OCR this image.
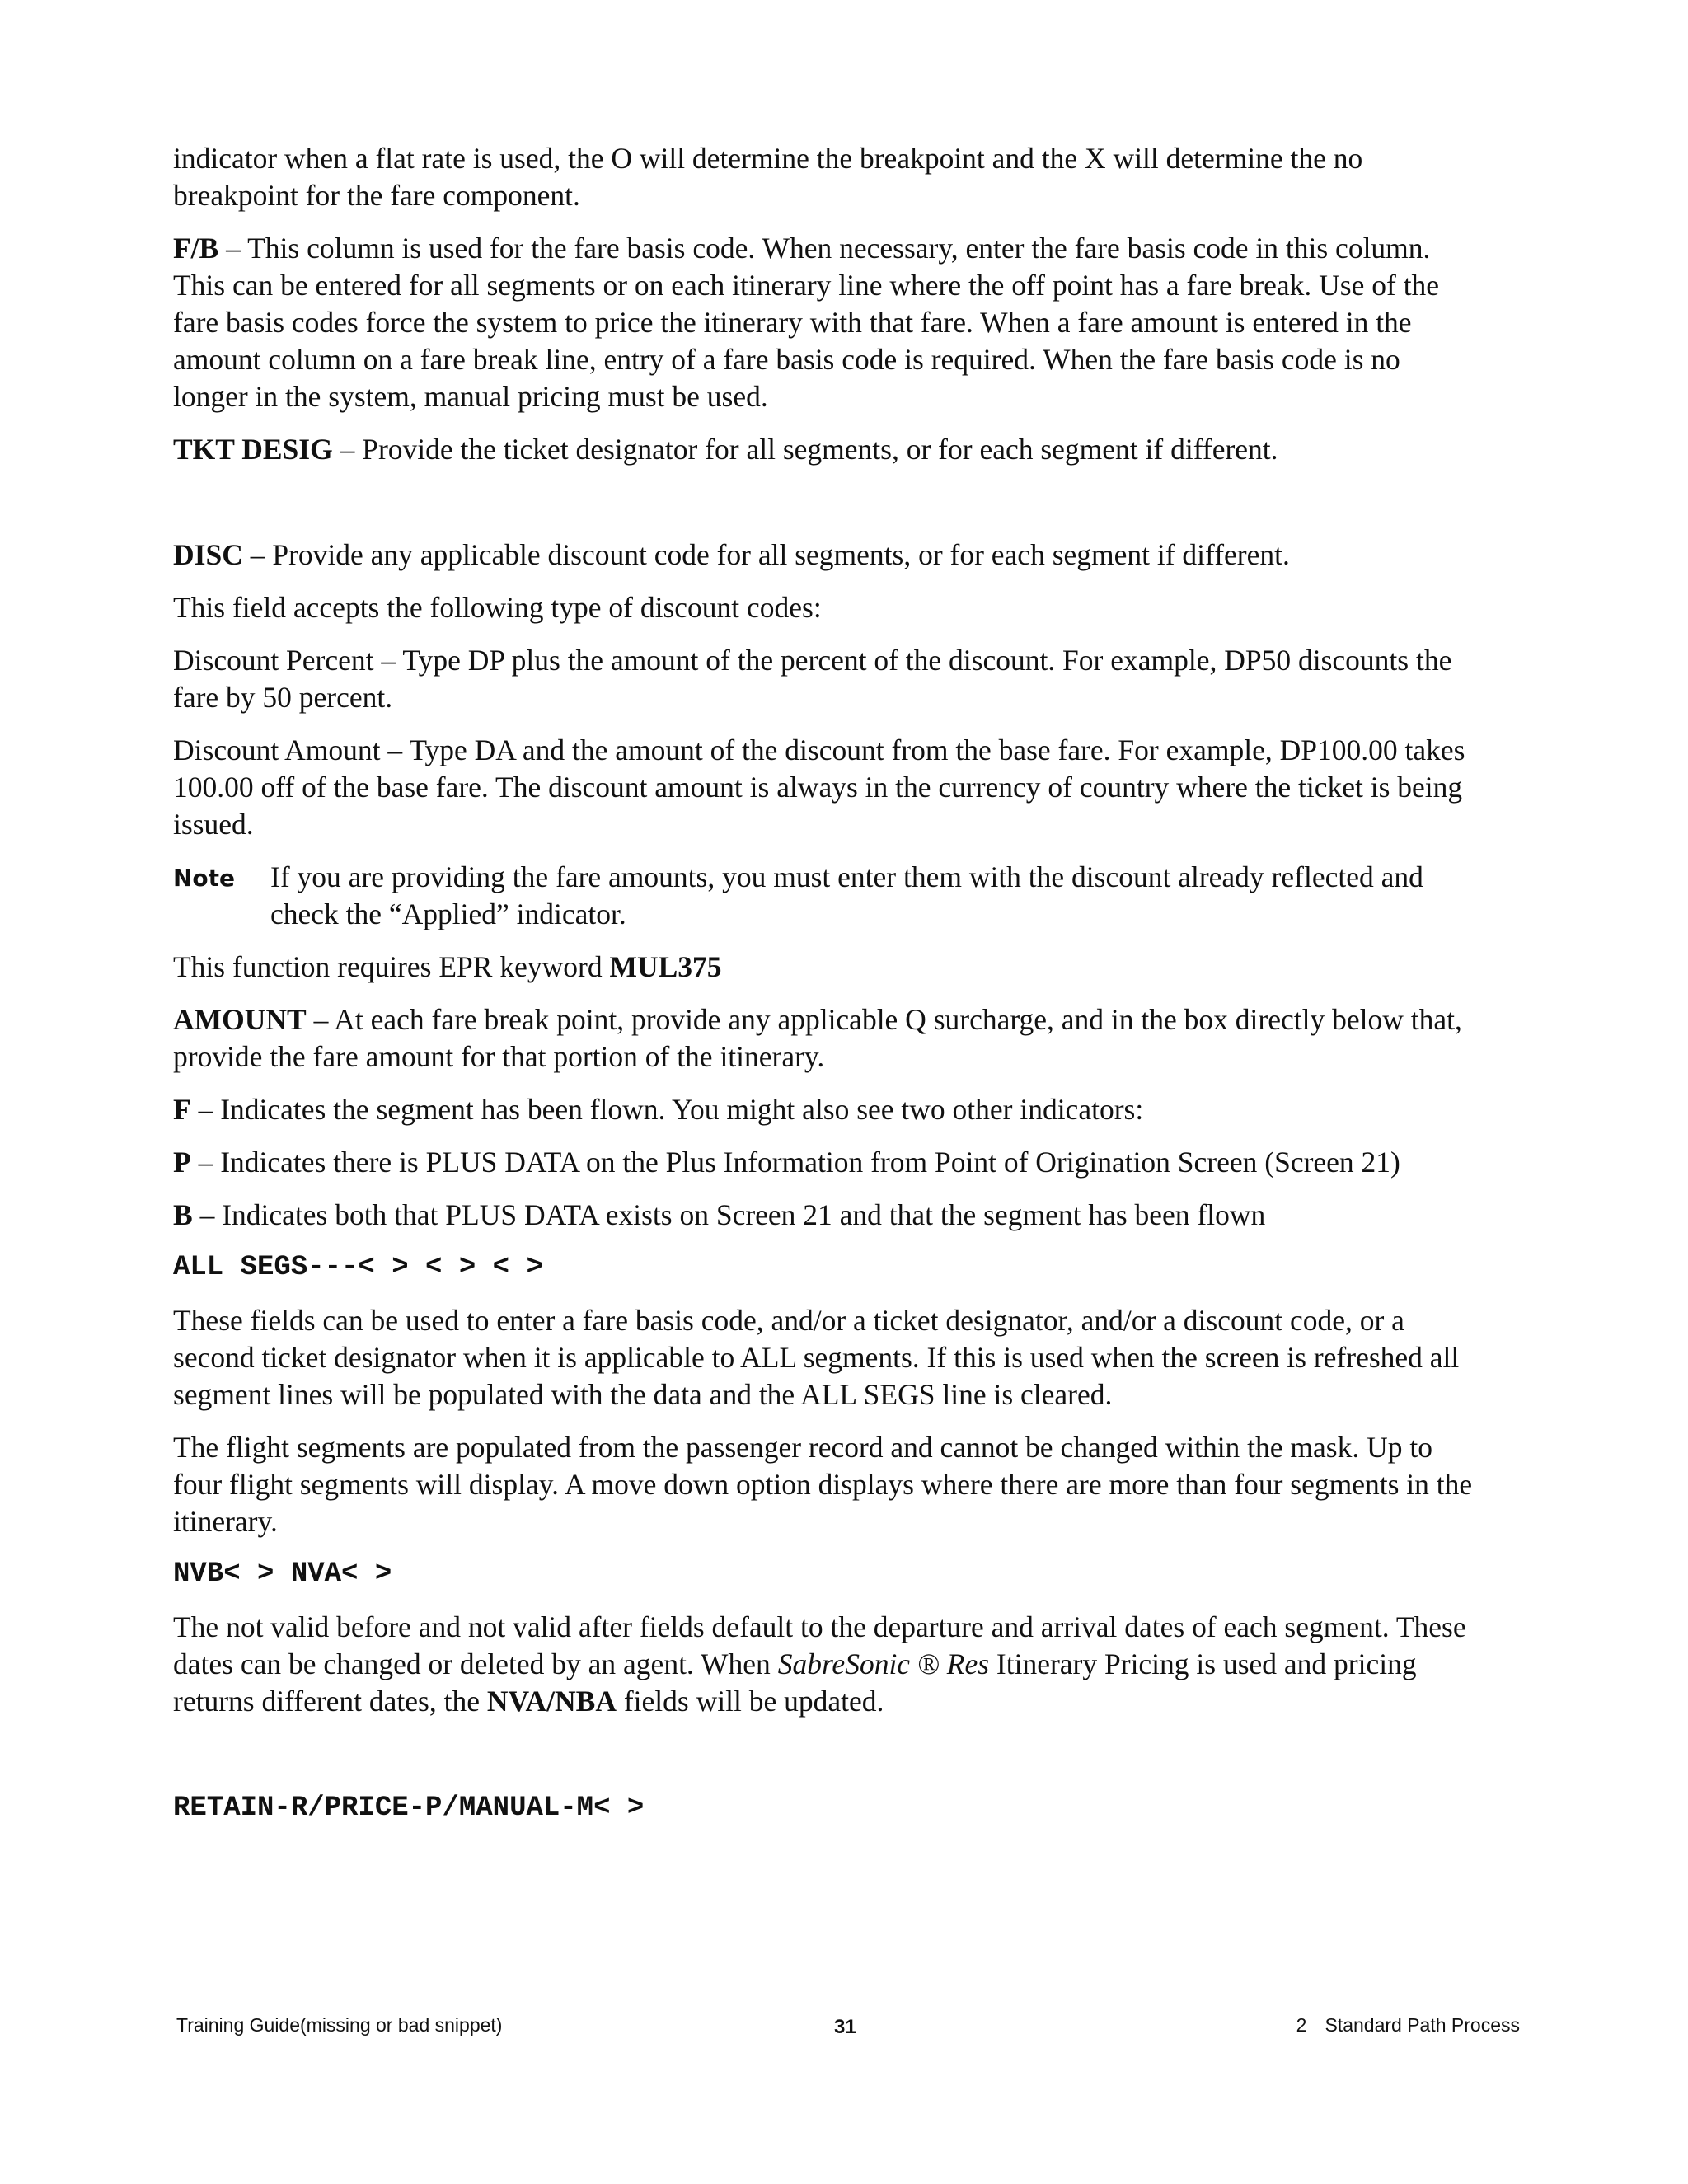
indicator when a flat rate is used, the O will determine the breakpoint and the X will determine the no breakpoint for the fare component.

F/B – This column is used for the fare basis code. When necessary, enter the fare basis code in this column. This can be entered for all segments or on each itinerary line where the off point has a fare break. Use of the fare basis codes force the system to price the itinerary with that fare. When a fare amount is entered in the amount column on a fare break line, entry of a fare basis code is required. When the fare basis code is no longer in the system, manual pricing must be used.

TKT DESIG – Provide the ticket designator for all segments, or for each segment if different.

DISC – Provide any applicable discount code for all segments, or for each segment if different.

This field accepts the following type of discount codes:

Discount Percent – Type DP plus the amount of the percent of the discount. For example, DP50 discounts the fare by 50 percent.

Discount Amount – Type DA and the amount of the discount from the base fare. For example, DP100.00 takes 100.00 off of the base fare. The discount amount is always in the currency of country where the ticket is being issued.

Note	If you are providing the fare amounts, you must enter them with the discount already reflected and check the “Applied” indicator.

This function requires EPR keyword MUL375

AMOUNT – At each fare break point, provide any applicable Q surcharge, and in the box directly below that, provide the fare amount for that portion of the itinerary.

F – Indicates the segment has been flown. You might also see two other indicators:

P – Indicates there is PLUS DATA on the Plus Information from Point of Origination Screen (Screen 21)

B – Indicates both that PLUS DATA exists on Screen 21 and that the segment has been flown

ALL SEGS---< > < > < >

These fields can be used to enter a fare basis code, and/or a ticket designator, and/or a discount code, or a second ticket designator when it is applicable to ALL segments. If this is used when the screen is refreshed all segment lines will be populated with the data and the ALL SEGS line is cleared.

The flight segments are populated from the passenger record and cannot be changed within the mask. Up to four flight segments will display. A move down option displays where there are more than four segments in the itinerary.

NVB< > NVA< >

The not valid before and not valid after fields default to the departure and arrival dates of each segment. These dates can be changed or deleted by an agent. When SabreSonic ® Res Itinerary Pricing is used and pricing returns different dates, the NVA/NBA fields will be updated.

RETAIN-R/PRICE-P/MANUAL-M< >

Training Guide(missing or bad snippet)	31	2 Standard Path Process
